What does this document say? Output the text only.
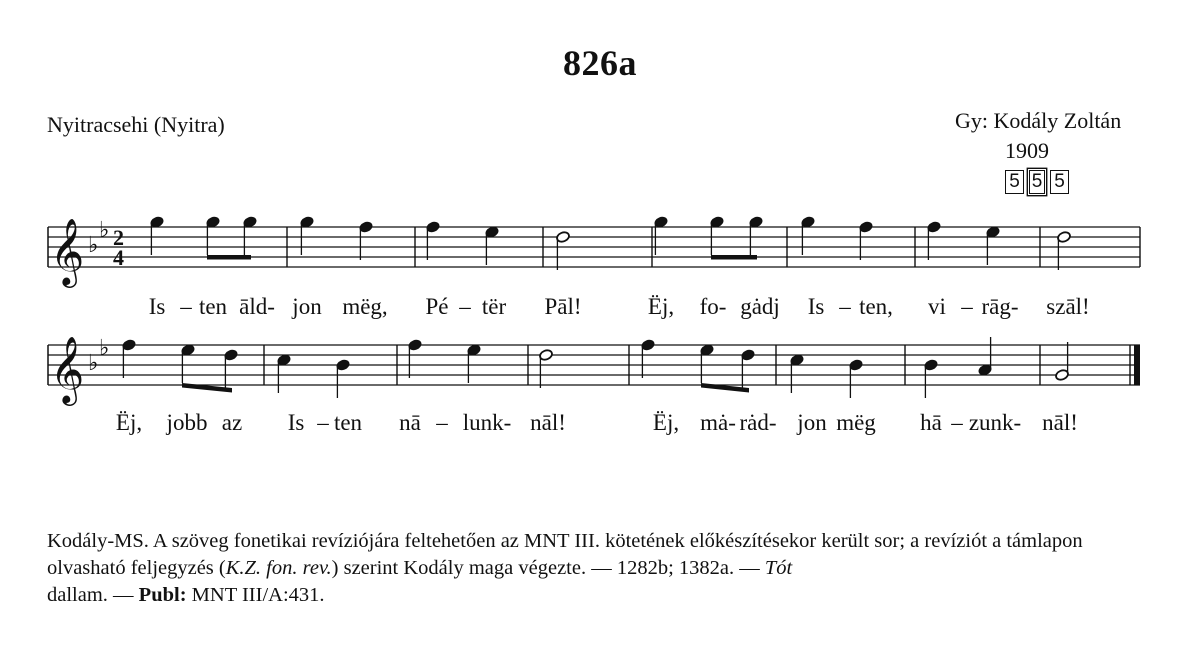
826a
Nyitracsehi (Nyitra)	Gy: Kodály Zoltán
1909
5 5 5
𝄞 ♭
♭ 2
4
Is – ten āld- jon mëg, Pé – tër Pāl!	Ëj, fo- gȧdj Is – ten, vi – rāg- szāl!
𝄞 ♭
♭
Ëj, jobb az Is – ten nā – lunk- nāl!	Ëj, mȧ- rȧd- jon mëg hā – zunk- nāl!
Kodály-MS. A szöveg fonetikai revíziójára feltehetően az MNT III. kötetének előkészítésekor került sor; a revíziót a támlapon olvasható feljegyzés (K.Z. fon. rev.) szerint Kodály maga végezte. — 1282b; 1382a. — Tót
dallam. — Publ: MNT III/A:431.
